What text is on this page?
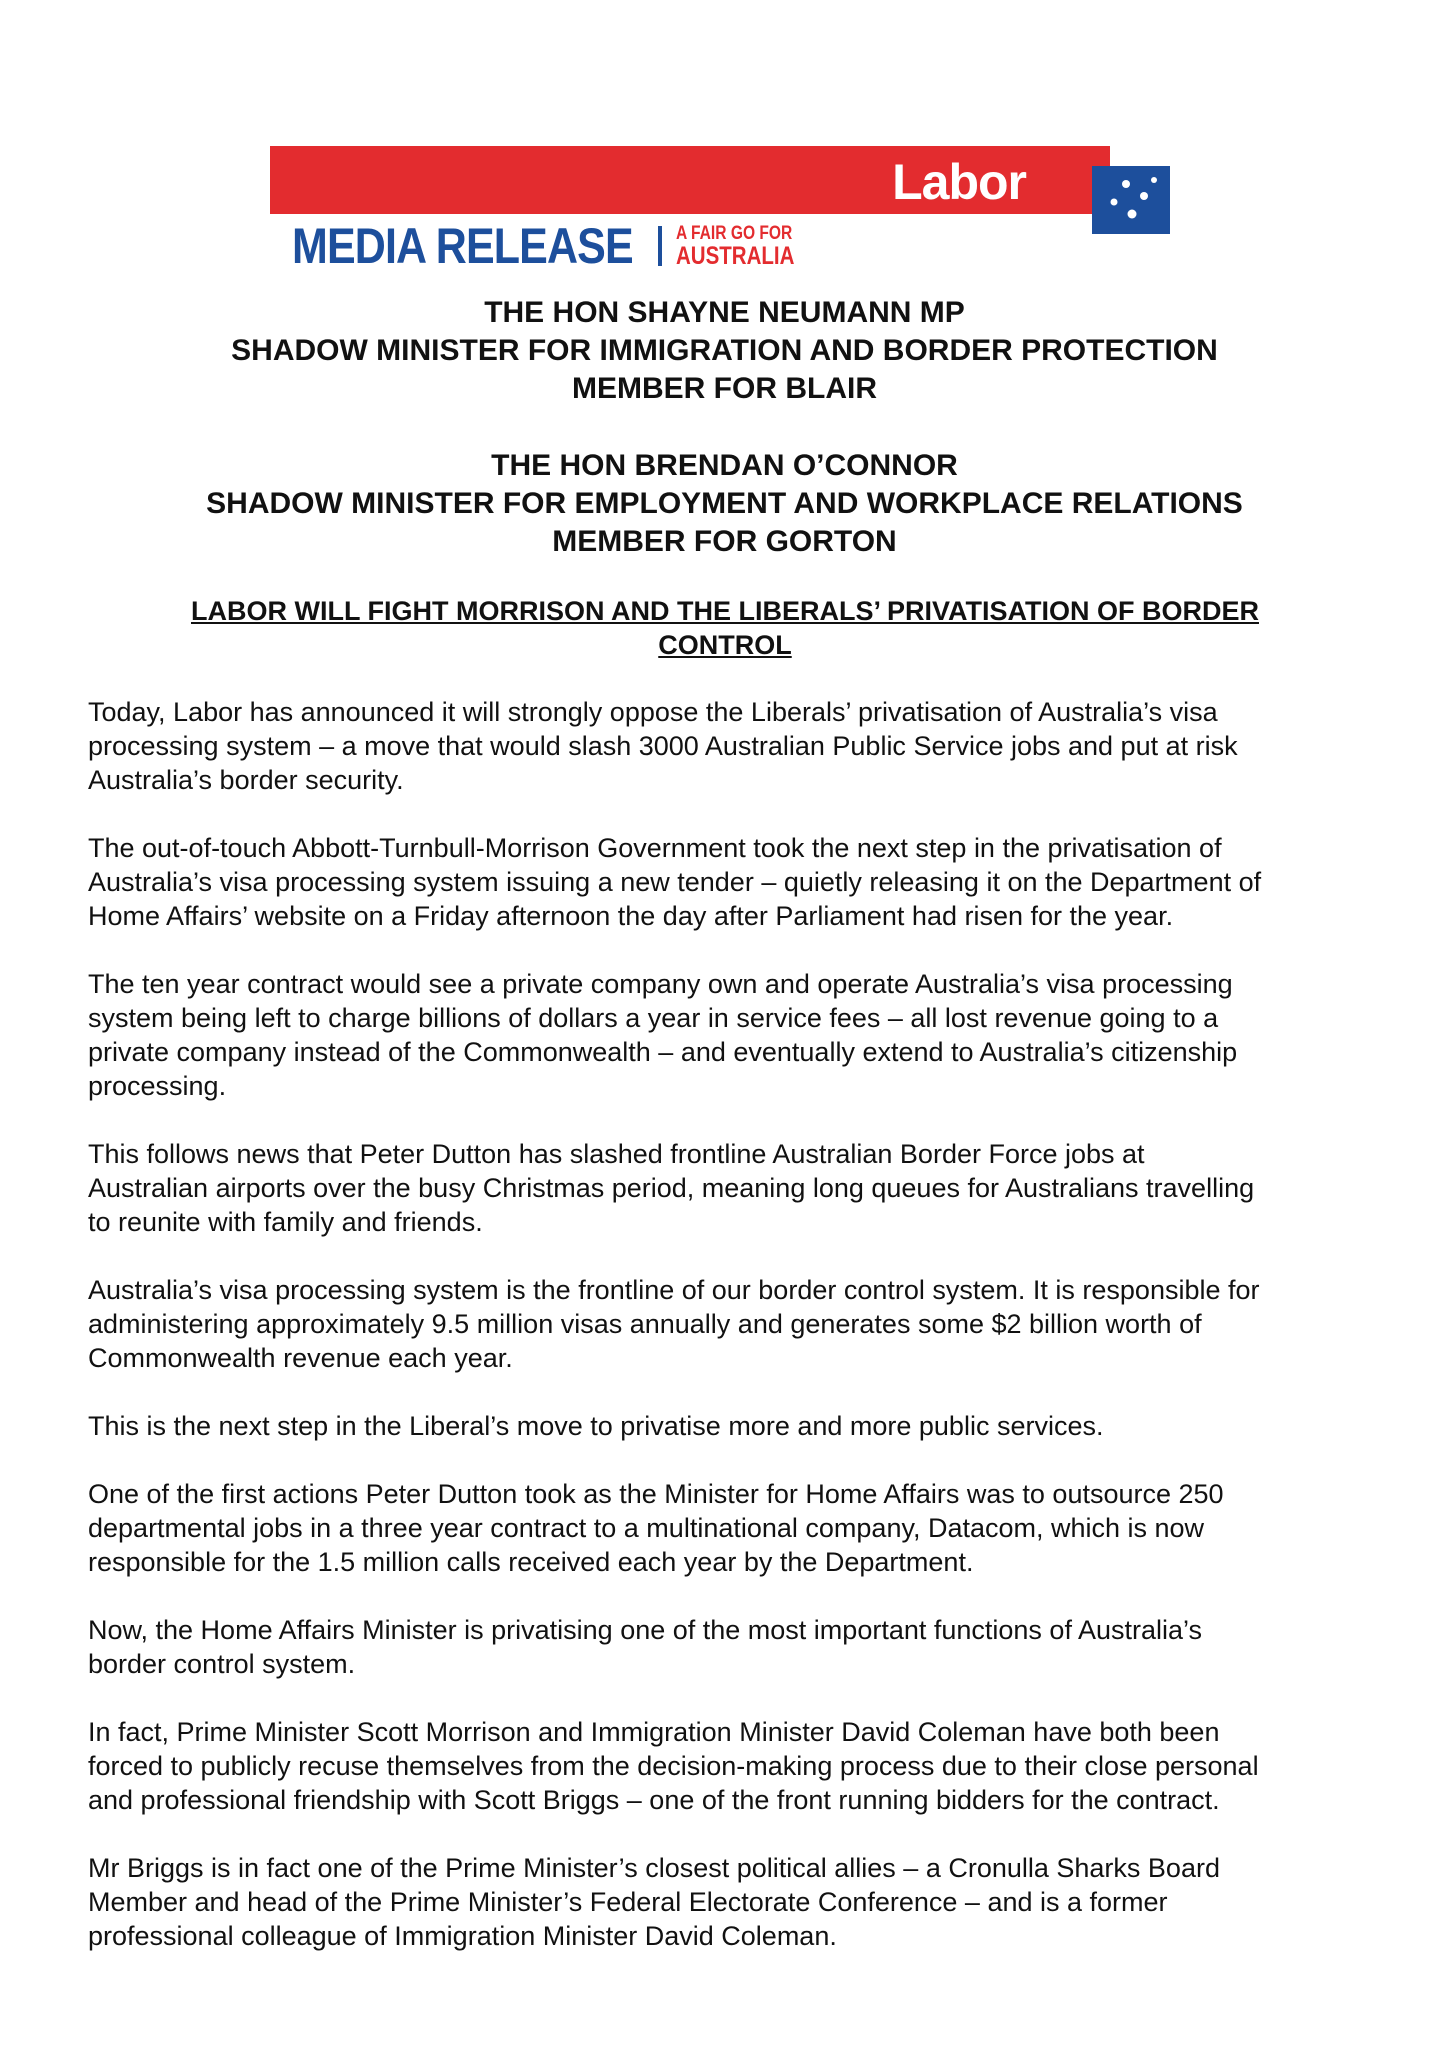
Labor
MEDIA RELEASE A FAIR GO FOR
AUSTRALIA
THE HON SHAYNE NEUMANN MP
SHADOW MINISTER FOR IMMIGRATION AND BORDER PROTECTION
MEMBER FOR BLAIR
THE HON BRENDAN O’CONNOR
SHADOW MINISTER FOR EMPLOYMENT AND WORKPLACE RELATIONS
MEMBER FOR GORTON
LABOR WILL FIGHT MORRISON AND THE LIBERALS’ PRIVATISATION OF BORDER
CONTROL

Today, Labor has announced it will strongly oppose the Liberals’ privatisation of Australia’s visa
processing system – a move that would slash 3000 Australian Public Service jobs and put at risk
Australia’s border security.

The out-of-touch Abbott-Turnbull-Morrison Government took the next step in the privatisation of
Australia’s visa processing system issuing a new tender – quietly releasing it on the Department of
Home Affairs’ website on a Friday afternoon the day after Parliament had risen for the year.

The ten year contract would see a private company own and operate Australia’s visa processing
system being left to charge billions of dollars a year in service fees – all lost revenue going to a
private company instead of the Commonwealth – and eventually extend to Australia’s citizenship
processing.

This follows news that Peter Dutton has slashed frontline Australian Border Force jobs at
Australian airports over the busy Christmas period, meaning long queues for Australians travelling
to reunite with family and friends.

Australia’s visa processing system is the frontline of our border control system. It is responsible for
administering approximately 9.5 million visas annually and generates some $2 billion worth of
Commonwealth revenue each year.

This is the next step in the Liberal’s move to privatise more and more public services.

One of the first actions Peter Dutton took as the Minister for Home Affairs was to outsource 250
departmental jobs in a three year contract to a multinational company, Datacom, which is now
responsible for the 1.5 million calls received each year by the Department.

Now, the Home Affairs Minister is privatising one of the most important functions of Australia’s
border control system.

In fact, Prime Minister Scott Morrison and Immigration Minister David Coleman have both been
forced to publicly recuse themselves from the decision-making process due to their close personal
and professional friendship with Scott Briggs – one of the front running bidders for the contract.

Mr Briggs is in fact one of the Prime Minister’s closest political allies – a Cronulla Sharks Board
Member and head of the Prime Minister’s Federal Electorate Conference – and is a former
professional colleague of Immigration Minister David Coleman.
